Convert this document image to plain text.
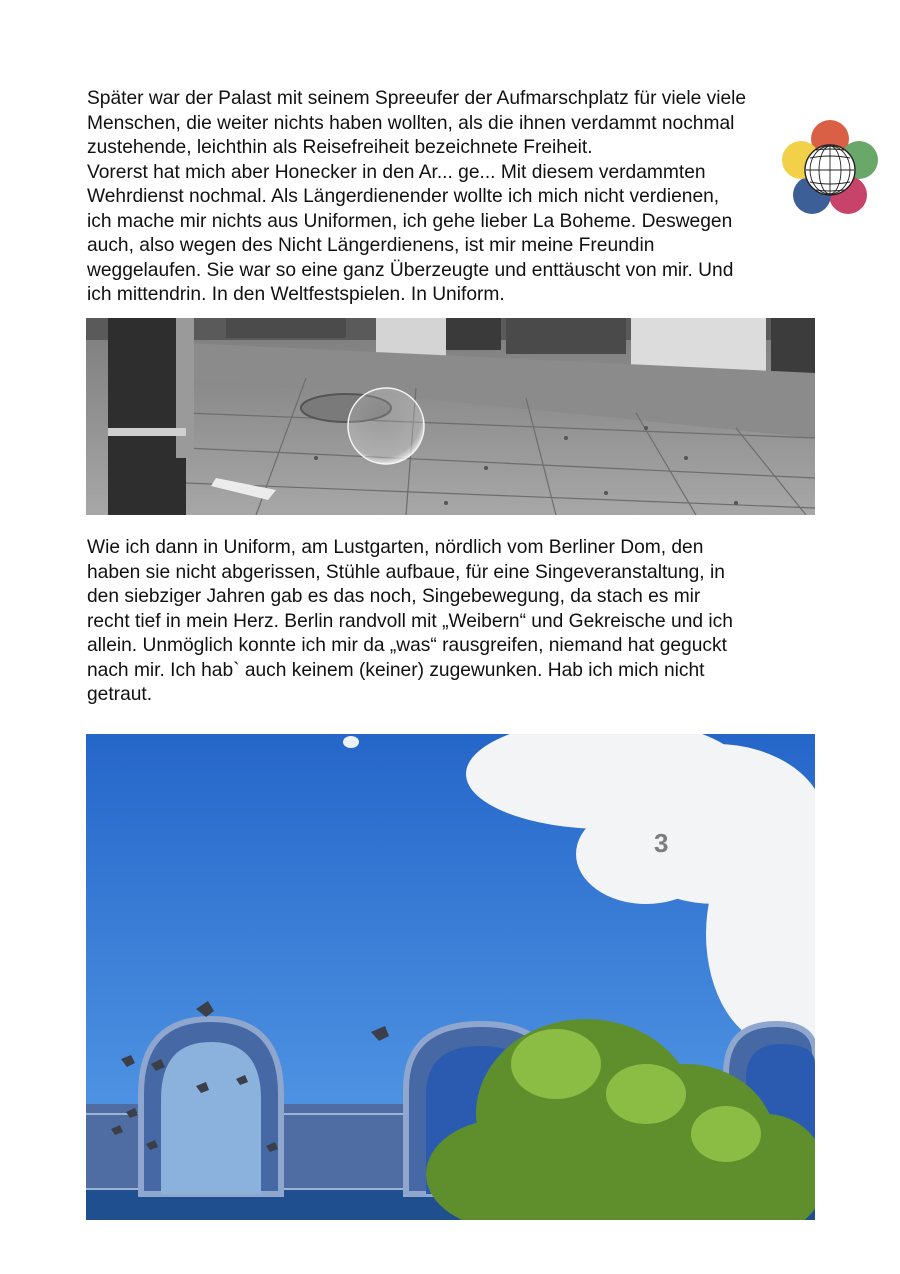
Später war der Palast mit seinem Spreeufer der Aufmarschplatz für viele viele
Menschen, die weiter nichts haben wollten, als die ihnen verdammt nochmal
zustehende, leichthin als Reisefreiheit bezeichnete Freiheit.
Vorerst hat mich aber Honecker in den Ar... ge... Mit diesem verdammten
Wehrdienst nochmal. Als Längerdienender wollte ich mich nicht verdienen,
ich mache mir nichts aus Uniformen, ich gehe lieber La Boheme. Deswegen
auch, also wegen des Nicht Längerdienens, ist mir meine Freundin
weggelaufen. Sie war so eine ganz Überzeugte und enttäuscht von mir. Und
ich mittendrin. In den Weltfestspielen. In Uniform.
Wie ich dann in Uniform, am Lustgarten, nördlich vom Berliner Dom, den
haben sie nicht abgerissen, Stühle aufbaue, für eine Singeveranstaltung, in
den siebziger Jahren gab es das noch, Singebewegung, da stach es mir
recht tief in mein Herz. Berlin randvoll mit „Weibern“ und Gekreische und ich
allein. Unmöglich konnte ich mir da „was“ rausgreifen, niemand hat geguckt
nach mir. Ich hab` auch keinem (keiner) zugewunken. Hab ich mich nicht
getraut.
3
